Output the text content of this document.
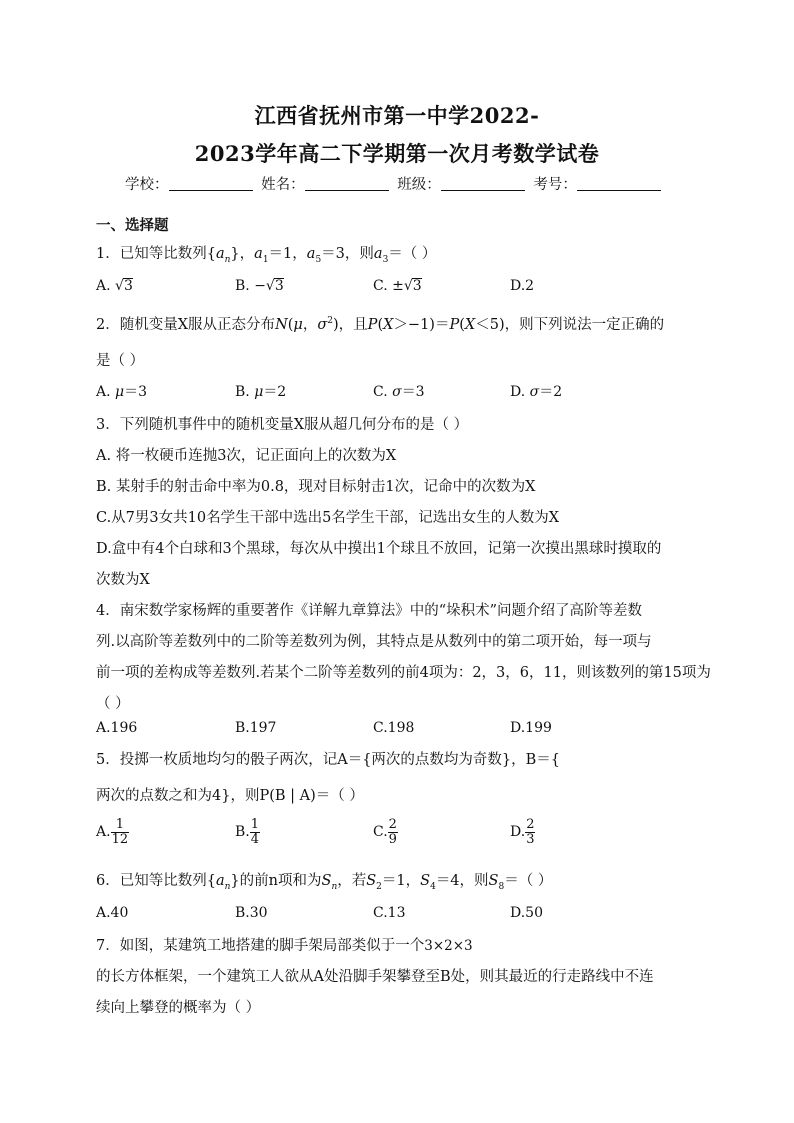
江西省抚州市第一中学2022-
2023学年高二下学期第一次月考数学试卷
学校：	姓名：	班级：	考号：
一、选择题
1．已知等比数列$\{a_n\}$，$a_1=1$，$a_5=3$，则$a_3=$（ ）
A. √3	B. −√3	C. ±√3	D.2
2．随机变量X服从正态分布N(μ，$\sigma^2$)，且P(X＞−1)＝P(X＜5)，则下列说法一定正确的
是（ ）
A. μ＝3	B. μ＝2	C. σ＝3	D. σ＝2
3．下列随机事件中的随机变量X服从超几何分布的是（ ）
A. 将一枚硬币连抛3次，记正面向上的次数为X
B. 某射手的射击命中率为0.8，现对目标射击1次，记命中的次数为X
C.从7男3女共10名学生干部中选出5名学生干部，记选出女生的人数为X
D.盒中有4个白球和3个黑球，每次从中摸出1个球且不放回，记第一次摸出黑球时摸取的
次数为X
4．南宋数学家杨辉的重要著作《详解九章算法》中的“垛积术”问题介绍了高阶等差数
列.以高阶等差数列中的二阶等差数列为例，其特点是从数列中的第二项开始，每一项与
前一项的差构成等差数列.若某个二阶等差数列的前4项为：2，3，6，11，则该数列的第15项为
（ ）
A.196	B.197	C.198	D.199
5．投掷一枚质地均匀的骰子两次，记A＝{两次的点数均为奇数}，B＝{
两次的点数之和为4}，则P(B | A)＝（ ）
A. $\frac{1}{12}$	B. $\frac{1}{4}$	C. $\frac{2}{9}$	D. $\frac{2}{3}$
6．已知等比数列$\{a_n\}$的前n项和为$S_n$，若$S_2=1$，$S_4=4$，则$S_8=$（ ）
A.40	B.30	C.13	D.50
7．如图，某建筑工地搭建的脚手架局部类似于一个3×2×3
的长方体框架，一个建筑工人欲从A处沿脚手架攀登至B处，则其最近的行走路线中不连
续向上攀登的概率为（ ）
